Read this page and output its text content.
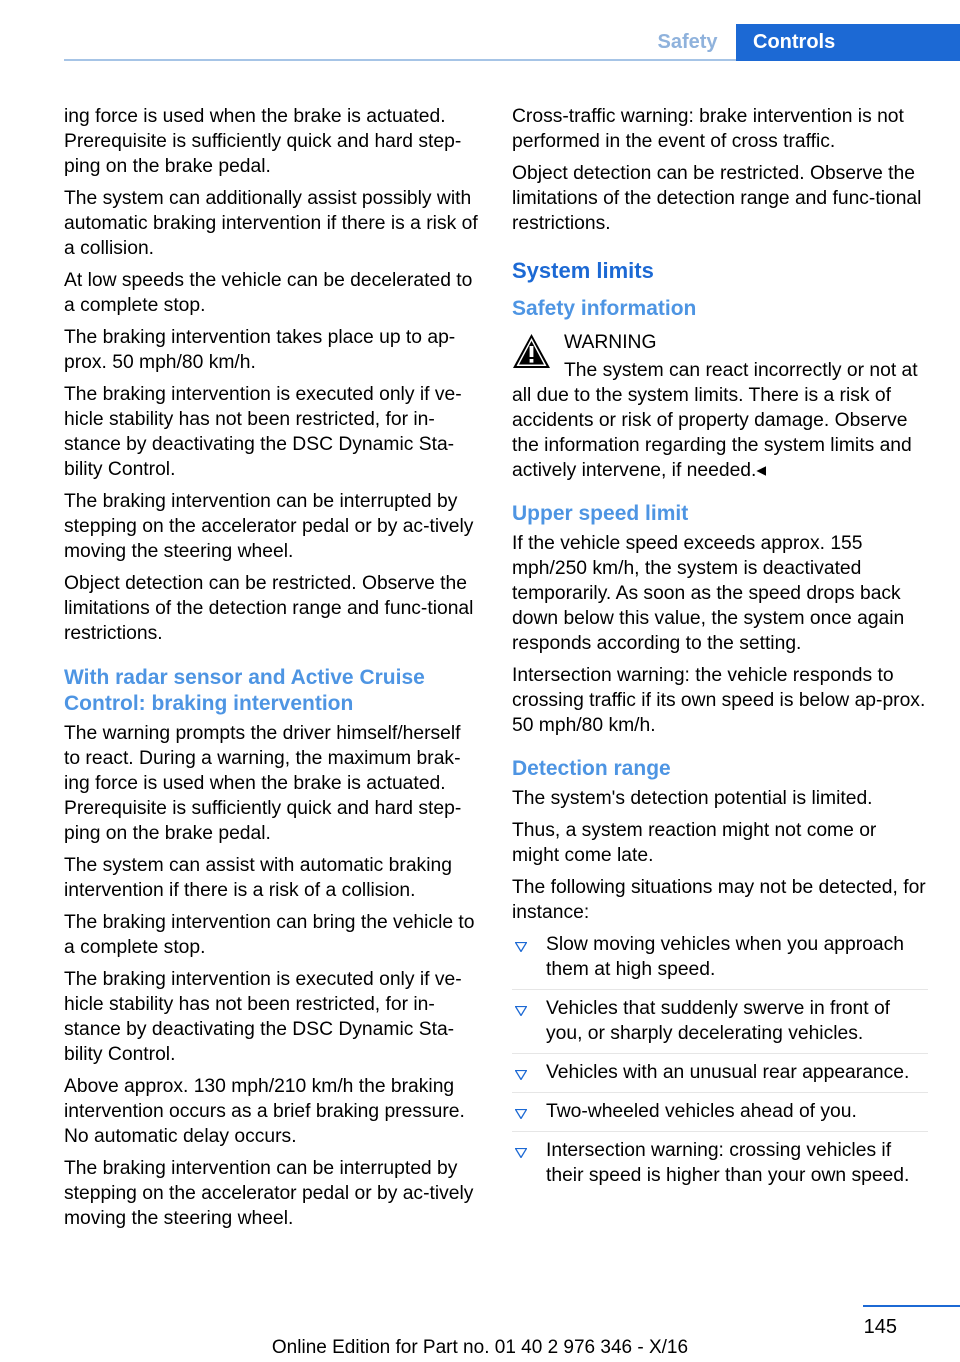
Safety	Controls

ing force is used when the brake is actuated. Prerequisite is sufficiently quick and hard step-ping on the brake pedal.

The system can additionally assist possibly with automatic braking intervention if there is a risk of a collision.

At low speeds the vehicle can be decelerated to a complete stop.

The braking intervention takes place up to ap-prox. 50 mph/80 km/h.

The braking intervention is executed only if ve-hicle stability has not been restricted, for in-stance by deactivating the DSC Dynamic Sta-bility Control.

The braking intervention can be interrupted by stepping on the accelerator pedal or by ac-tively moving the steering wheel.

Object detection can be restricted. Observe the limitations of the detection range and func-tional restrictions.

With radar sensor and Active Cruise Control: braking intervention

The warning prompts the driver himself/herself to react. During a warning, the maximum brak-ing force is used when the brake is actuated. Prerequisite is sufficiently quick and hard step-ping on the brake pedal.

The system can assist with automatic braking intervention if there is a risk of a collision.

The braking intervention can bring the vehicle to a complete stop.

The braking intervention is executed only if ve-hicle stability has not been restricted, for in-stance by deactivating the DSC Dynamic Sta-bility Control.

Above approx. 130 mph/210 km/h the braking intervention occurs as a brief braking pressure. No automatic delay occurs.

The braking intervention can be interrupted by stepping on the accelerator pedal or by ac-tively moving the steering wheel.

Cross-traffic warning: brake intervention is not performed in the event of cross traffic.

Object detection can be restricted. Observe the limitations of the detection range and func-tional restrictions.

System limits
Safety information

WARNING

The system can react incorrectly or not at all due to the system limits. There is a risk of accidents or risk of property damage. Observe the information regarding the system limits and actively intervene, if needed.◂

Upper speed limit

If the vehicle speed exceeds approx. 155 mph/250 km/h, the system is deactivated temporarily. As soon as the speed drops back down below this value, the system once again responds according to the setting.

Intersection warning: the vehicle responds to crossing traffic if its own speed is below ap-prox. 50 mph/80 km/h.

Detection range

The system's detection potential is limited.

Thus, a system reaction might not come or might come late.

The following situations may not be detected, for instance:

Slow moving vehicles when you approach them at high speed.
Vehicles that suddenly swerve in front of you, or sharply decelerating vehicles.
Vehicles with an unusual rear appearance.
Two-wheeled vehicles ahead of you.
Intersection warning: crossing vehicles if their speed is higher than your own speed.
145
Online Edition for Part no. 01 40 2 976 346 - X/16
